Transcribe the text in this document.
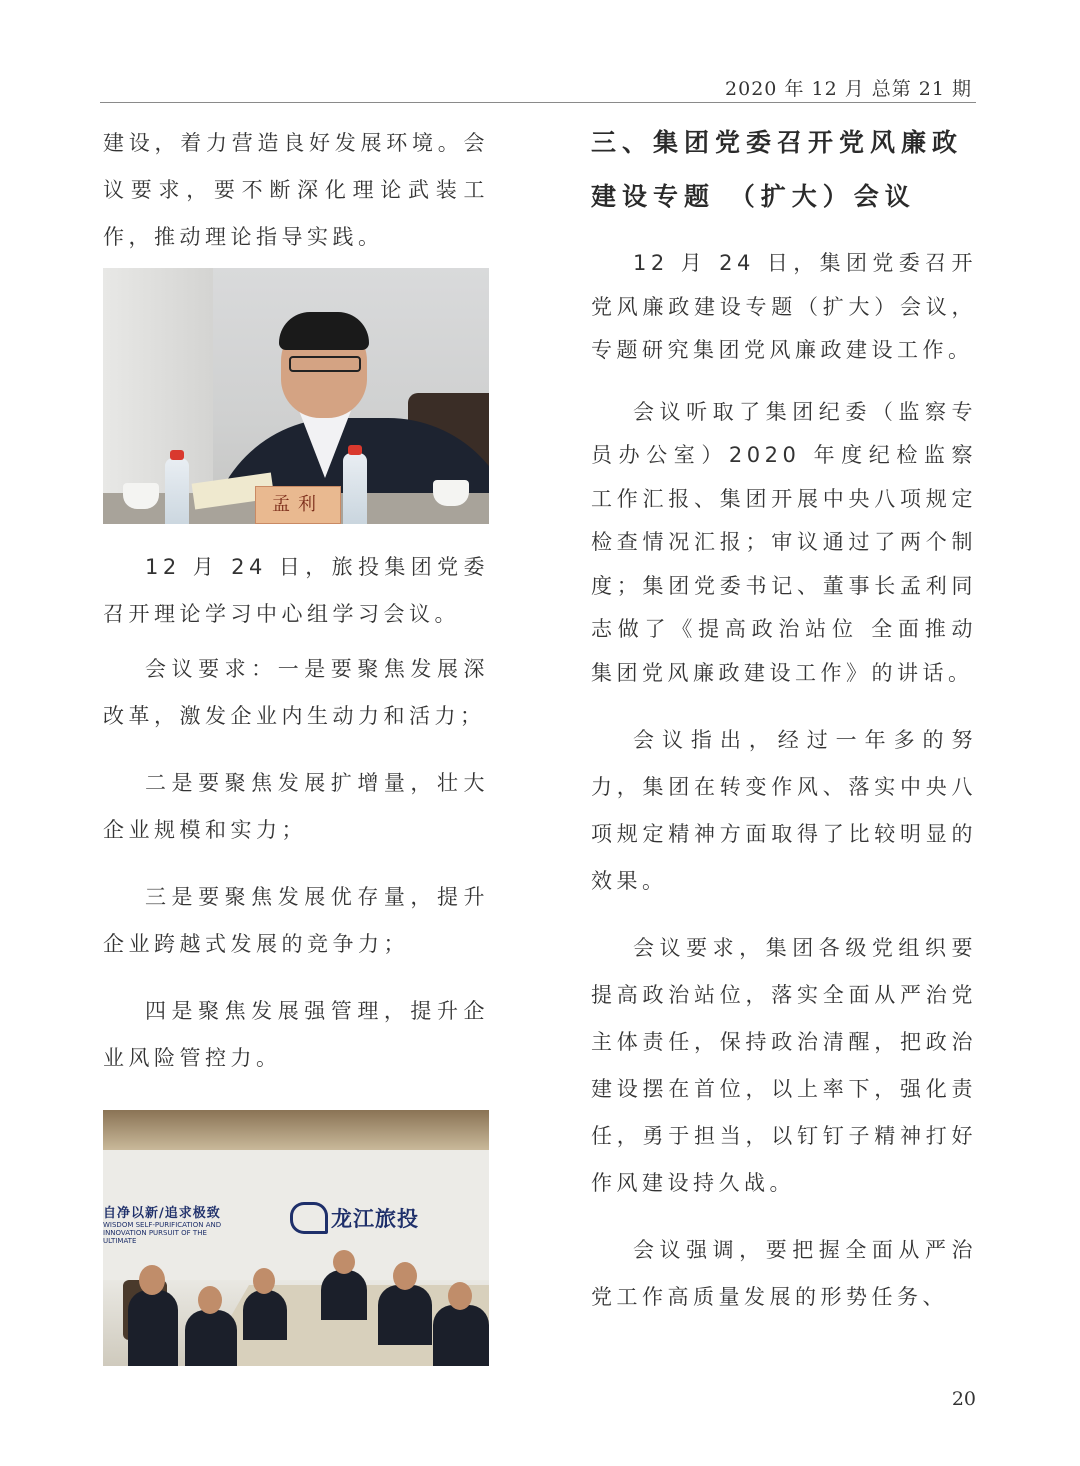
2020 年 12 月 总第 21 期

建设，着力营造良好发展环境。会议要求，要不断深化理论武装工作，推动理论指导实践。

孟利

12 月 24 日，旅投集团党委召开理论学习中心组学习会议。

会议要求：一是要聚焦发展深改革，激发企业内生动力和活力；

二是要聚焦发展扩增量，壮大企业规模和实力；

三是要聚焦发展优存量，提升企业跨越式发展的竞争力；

四是聚焦发展强管理，提升企业风险管控力。

自净以新/追求极致
WISDOM SELF-PURIFICATION AND INNOVATION PURSUIT OF THE ULTIMATE
龙江旅投
三、集团党委召开党风廉政建设专题 （扩大）会议

12 月 24 日，集团党委召开党风廉政建设专题（扩大）会议，专题研究集团党风廉政建设工作。

会议听取了集团纪委（监察专员办公室）2020 年度纪检监察工作汇报、集团开展中央八项规定检查情况汇报；审议通过了两个制度；集团党委书记、董事长孟利同志做了《提高政治站位 全面推动集团党风廉政建设工作》的讲话。

会议指出，经过一年多的努力，集团在转变作风、落实中央八项规定精神方面取得了比较明显的效果。

会议要求，集团各级党组织要提高政治站位，落实全面从严治党主体责任，保持政治清醒，把政治建设摆在首位，以上率下，强化责任，勇于担当，以钉钉子精神打好作风建设持久战。

会议强调，要把握全面从严治党工作高质量发展的形势任务、

20
